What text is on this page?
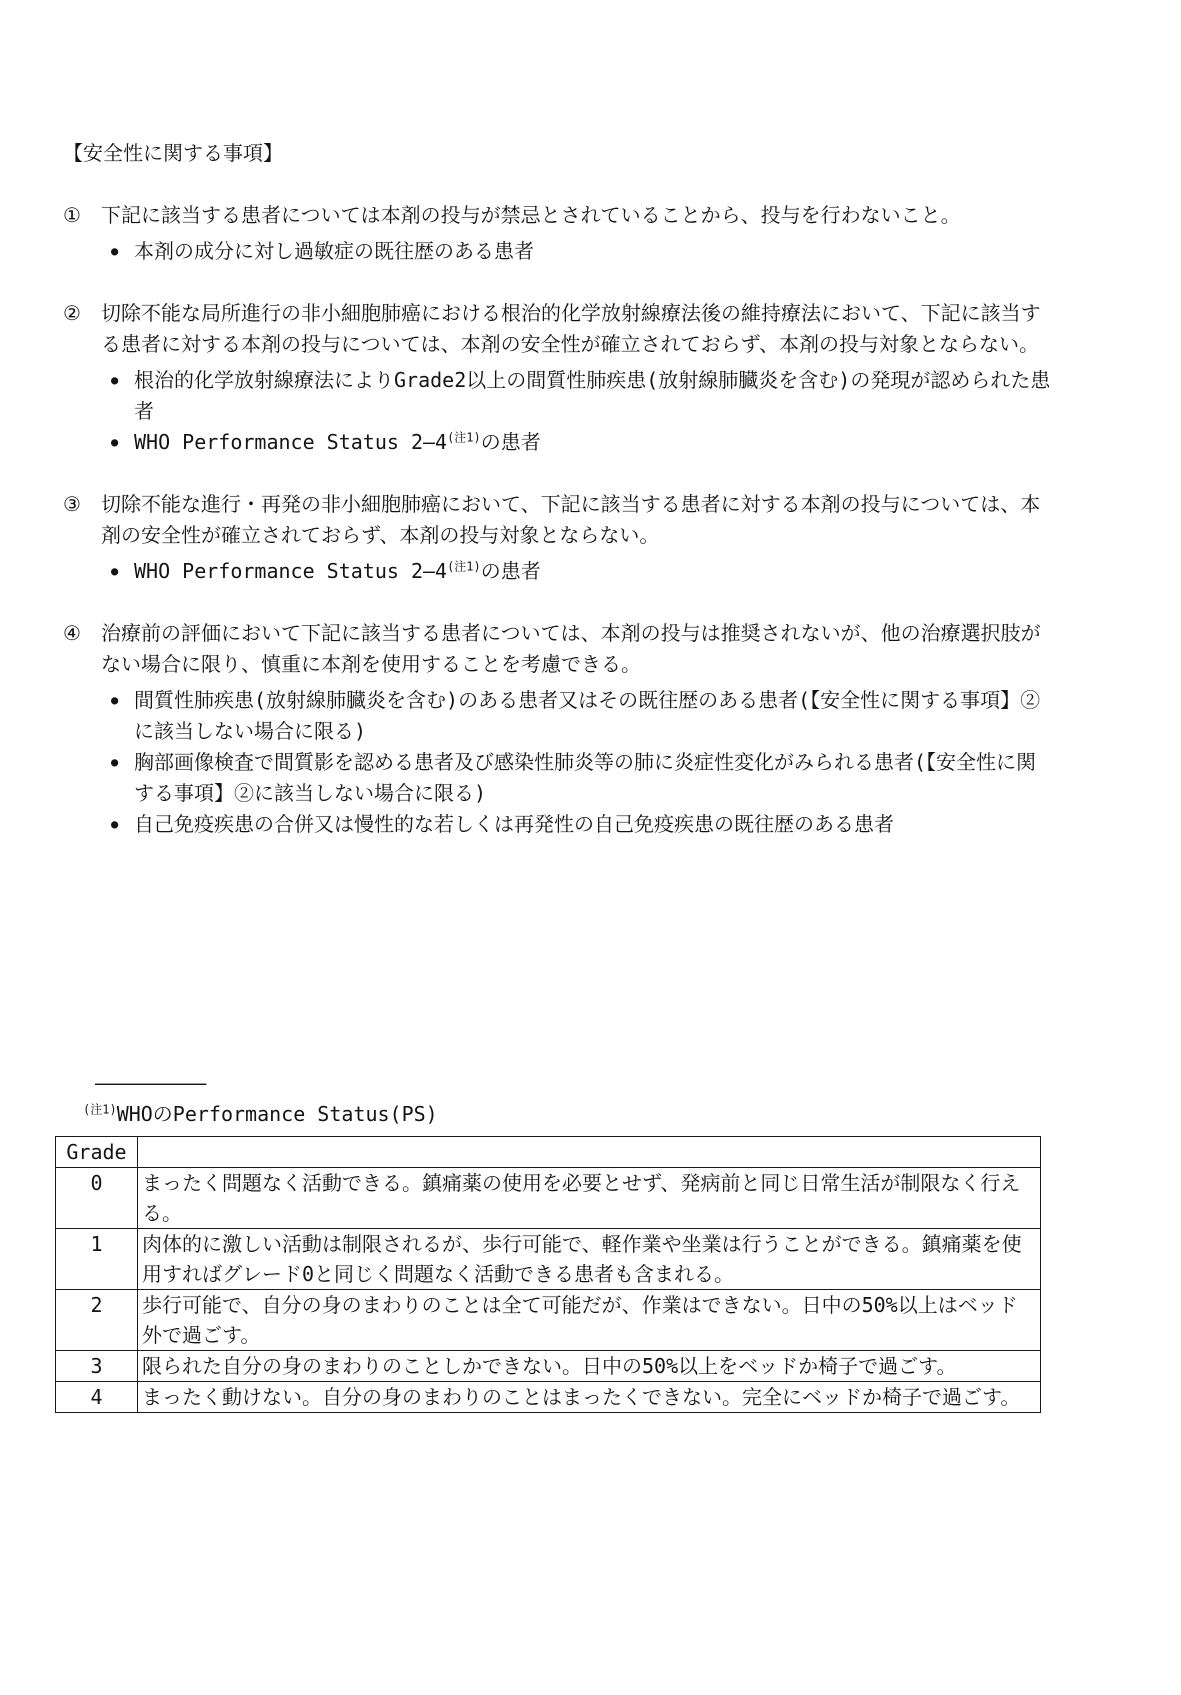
【安全性に関する事項】
①	下記に該当する患者については本剤の投与が禁忌とされていることから、投与を行わないこと。
● 本剤の成分に対し過敏症の既往歴のある患者
②	切除不能な局所進行の非小細胞肺癌における根治的化学放射線療法後の維持療法において、下記に該当する患者に対する本剤の投与については、本剤の安全性が確立されておらず、本剤の投与対象とならない。
● 根治的化学放射線療法によりGrade2以上の間質性肺疾患(放射線肺臓炎を含む)の発現が認められた患者
● WHO Performance Status 2—4$^{(注1)}$の患者
③	切除不能な進行・再発の非小細胞肺癌において、下記に該当する患者に対する本剤の投与については、本剤の安全性が確立されておらず、本剤の投与対象とならない。
● WHO Performance Status 2—4$^{(注1)}$の患者
④	治療前の評価において下記に該当する患者については、本剤の投与は推奨されないが、他の治療選択肢がない場合に限り、慎重に本剤を使用することを考慮できる。
● 間質性肺疾患(放射線肺臓炎を含む)のある患者又はその既往歴のある患者(【安全性に関する事項】②に該当しない場合に限る)
● 胸部画像検査で間質影を認める患者及び感染性肺炎等の肺に炎症性変化がみられる患者(【安全性に関する事項】②に該当しない場合に限る)
● 自己免疫疾患の合併又は慢性的な若しくは再発性の自己免疫疾患の既往歴のある患者
――――――――――
$^{(注1)}$WHOのPerformance Status(PS)
Grade	
0	まったく問題なく活動できる。鎮痛薬の使用を必要とせず、発病前と同じ日常生活が制限なく行える。
1	肉体的に激しい活動は制限されるが、歩行可能で、軽作業や坐業は行うことができる。鎮痛薬を使用すればグレード0と同じく問題なく活動できる患者も含まれる。
2	歩行可能で、自分の身のまわりのことは全て可能だが、作業はできない。日中の50%以上はベッド外で過ごす。
3	限られた自分の身のまわりのことしかできない。日中の50%以上をベッドか椅子で過ごす。
4	まったく動けない。自分の身のまわりのことはまったくできない。完全にベッドか椅子で過ごす。
